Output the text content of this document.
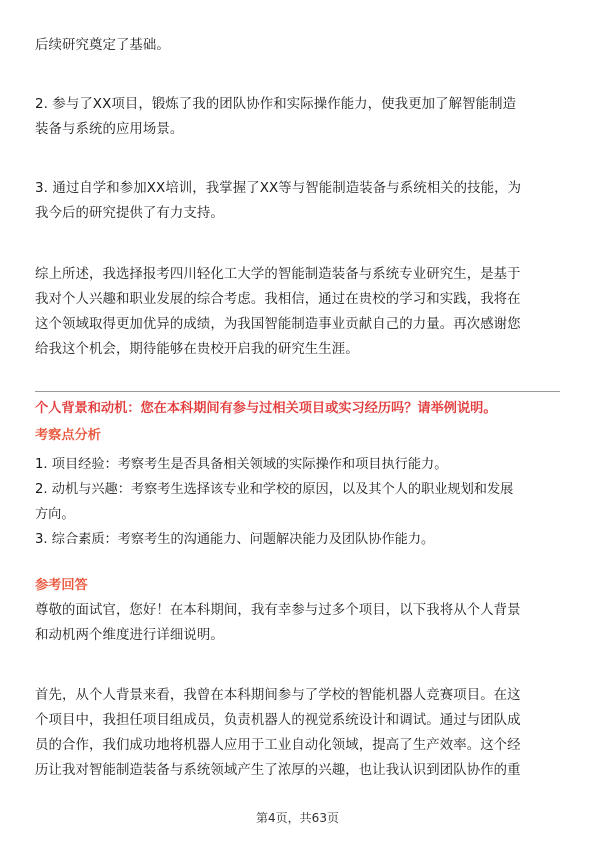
后续研究奠定了基础。

2. 参与了XX项目，锻炼了我的团队协作和实际操作能力，使我更加了解智能制造
装备与系统的应用场景。

3. 通过自学和参加XX培训，我掌握了XX等与智能制造装备与系统相关的技能，为
我今后的研究提供了有力支持。

综上所述，我选择报考四川轻化工大学的智能制造装备与系统专业研究生，是基于
我对个人兴趣和职业发展的综合考虑。我相信，通过在贵校的学习和实践，我将在
这个领域取得更加优异的成绩，为我国智能制造事业贡献自己的力量。再次感谢您
给我这个机会，期待能够在贵校开启我的研究生生涯。

个人背景和动机：您在本科期间有参与过相关项目或实习经历吗？请举例说明。

考察点分析

1. 项目经验：考察考生是否具备相关领域的实际操作和项目执行能力。
2. 动机与兴趣：考察考生选择该专业和学校的原因，以及其个人的职业规划和发展
方向。
3. 综合素质：考察考生的沟通能力、问题解决能力及团队协作能力。

参考回答

尊敬的面试官，您好！在本科期间，我有幸参与过多个项目，以下我将从个人背景
和动机两个维度进行详细说明。

首先，从个人背景来看，我曾在本科期间参与了学校的智能机器人竞赛项目。在这
个项目中，我担任项目组成员，负责机器人的视觉系统设计和调试。通过与团队成
员的合作，我们成功地将机器人应用于工业自动化领域，提高了生产效率。这个经
历让我对智能制造装备与系统领域产生了浓厚的兴趣，也让我认识到团队协作的重

第4页，共63页
